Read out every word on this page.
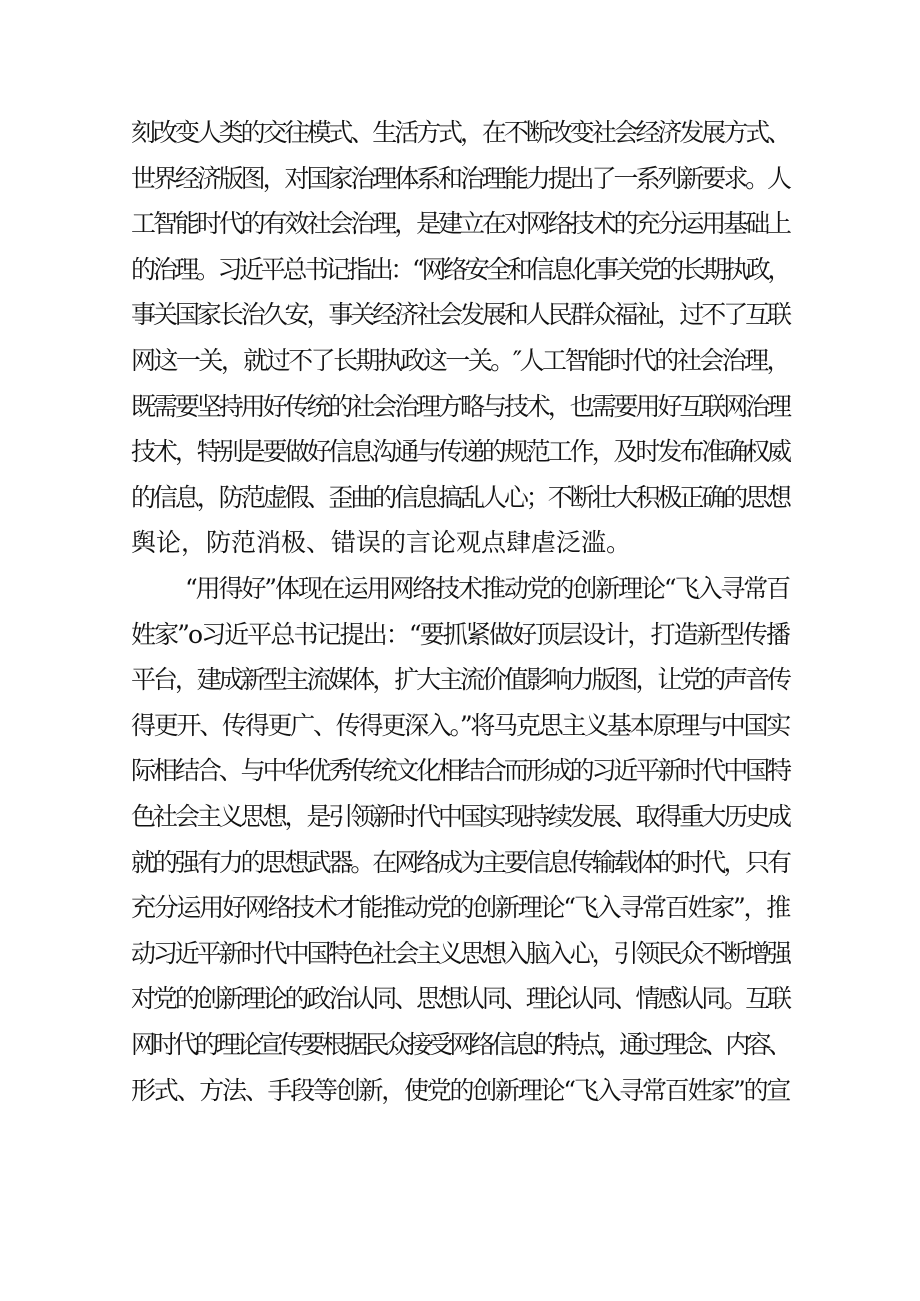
刻改变人类的交往模式、生活方式，在不断改变社会经济发展方式、
世界经济版图，对国家治理体系和治理能力提出了一系列新要求。人
工智能时代的有效社会治理，是建立在对网络技术的充分运用基础上
的治理。习近平总书记指出：“网络安全和信息化事关党的长期执政，
事关国家长治久安，事关经济社会发展和人民群众福祉，过不了互联
网这一关，就过不了长期执政这一关。″人工智能时代的社会治理，
既需要坚持用好传统的社会治理方略与技术，也需要用好互联网治理
技术，特别是要做好信息沟通与传递的规范工作，及时发布准确权威
的信息，防范虚假、歪曲的信息搞乱人心；不断壮大积极正确的思想
舆论，防范消极、错误的言论观点肆虐泛滥。
“用得好”体现在运用网络技术推动党的创新理论“飞入寻常百
姓家”o习近平总书记提出：“要抓紧做好顶层设计，打造新型传播
平台，建成新型主流媒体，扩大主流价值影响力版图，让党的声音传
得更开、传得更广、传得更深入。”将马克思主义基本原理与中国实
际相结合、与中华优秀传统文化相结合而形成的习近平新时代中国特
色社会主义思想，是引领新时代中国实现持续发展、取得重大历史成
就的强有力的思想武器。在网络成为主要信息传输载体的时代，只有
充分运用好网络技术才能推动党的创新理论“飞入寻常百姓家”，推
动习近平新时代中国特色社会主义思想入脑入心，引领民众不断增强
对党的创新理论的政治认同、思想认同、理论认同、情感认同。互联
网时代的理论宣传要根据民众接受网络信息的特点，通过理念、内容、
形式、方法、手段等创新，使党的创新理论“飞入寻常百姓家”的宣
